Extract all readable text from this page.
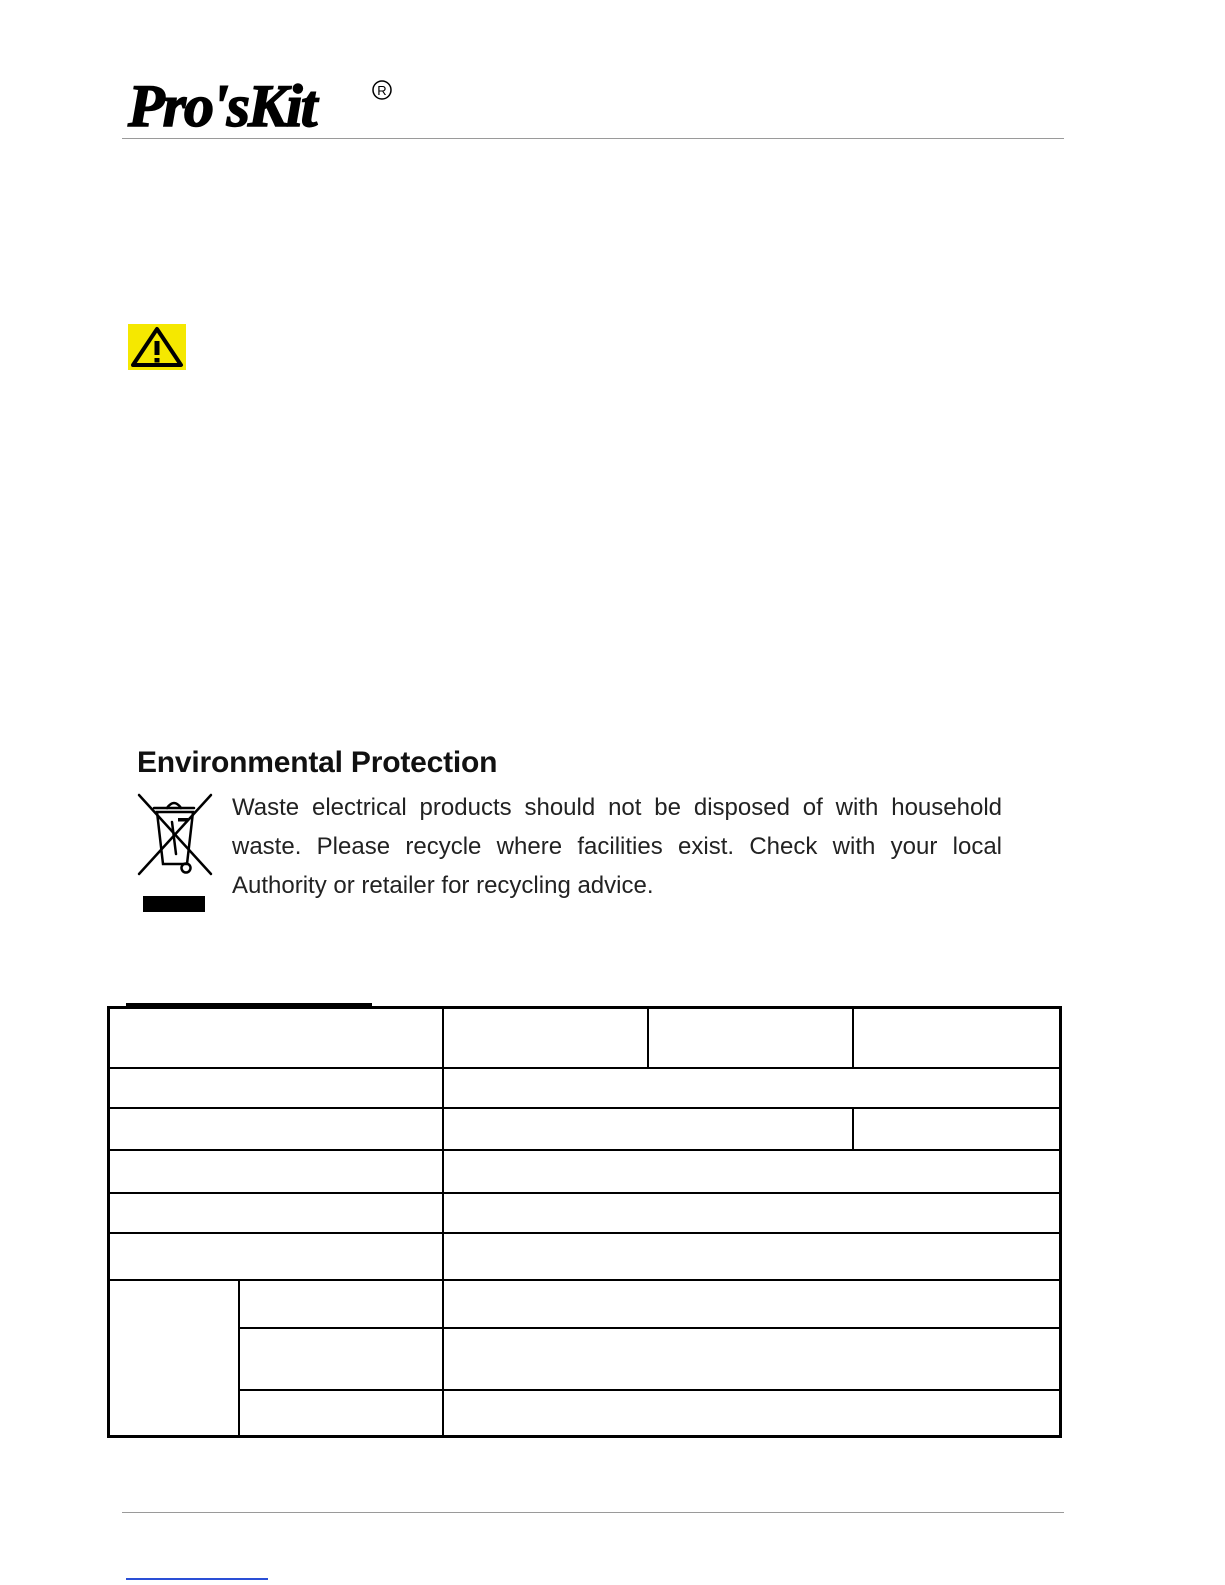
Pro'sKit	R
Environmental Protection
Waste electrical products should not be disposed of with household waste. Please recycle where facilities exist. Check with your local Authority or retailer for recycling advice.
